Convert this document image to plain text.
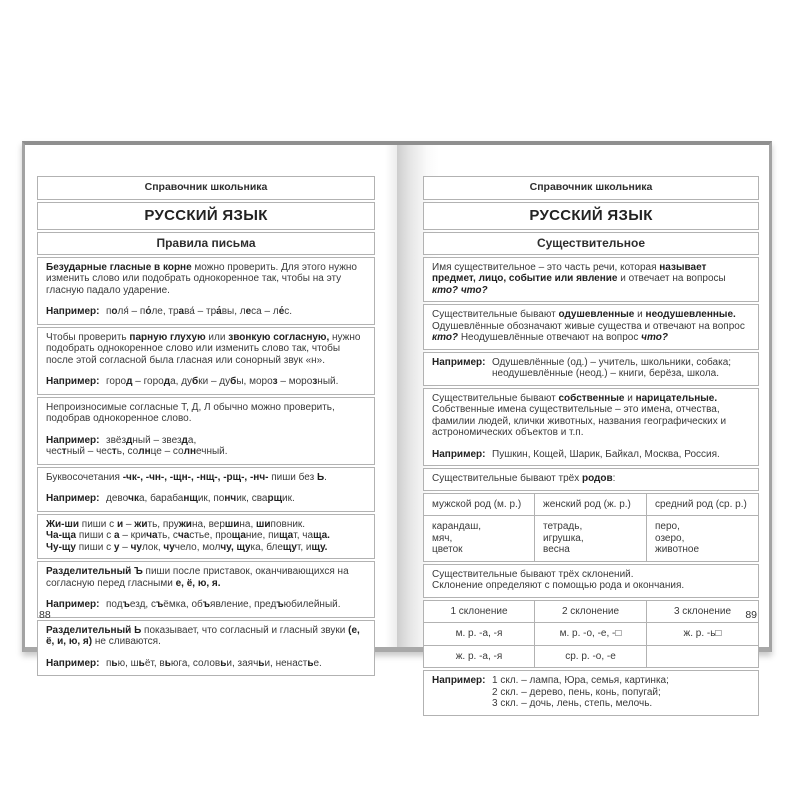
Справочник школьника
РУССКИЙ ЯЗЫК
Правила письма
Безударные гласные в корне можно проверить. Для этого нужно изменить слово или подобрать однокоренное так, чтобы на эту гласную падало ударение.

Например: поля́ – по́ле, трава́ – тра́вы, леса – ле́с.

Чтобы проверить парную глухую или звонкую согласную, нужно подобрать однокоренное слово или изменить слово так, чтобы после этой согласной была гласная или сонорный звук «н».

Например: город – города, дубки – дубы, мороз – морозный.

Непроизносимые согласные Т, Д, Л обычно можно проверить, подобрав однокоренное слово.

Например: звёздный – звезда,
честный – честь, солнце – солнечный.

Буквосочетания -чк-, -чн-, -щн-, -нщ-, -рщ-, -нч- пиши без Ь.

Например: девочка, барабанщик, пончик, сварщик.

Жи-ши пиши с и – жить, пружина, вершина, шиповник.
Ча-ща пиши с а – кричать, счастье, прощание, пищат, чаща.
Чу-щу пиши с у – чулок, чучело, молчу, щука, блещут, ищу.
Разделительный Ъ пиши после приставок, оканчивающихся на согласную перед гласными е, ё, ю, я.

Например: подъезд, съёмка, объявление, предъюбилейный.

Разделительный Ь показывает, что согласный и гласный звуки (е, ё, и, ю, я) не сливаются.

Например: пью, шьёт, вьюга, соловьи, заячьи, ненастье.

88
Справочник школьника
РУССКИЙ ЯЗЫК
Существительное
Имя существительное – это часть речи, которая называет предмет, лицо, событие или явление и отвечает на вопросы кто? что?
Существительные бывают одушевленные и неодушевленные. Одушевлённые обозначают живые существа и отвечают на вопрос кто? Неодушевлённые отвечают на вопрос что?
Например: Одушевлённые (од.) – учитель, школьники, собака;
неодушевлённые (неод.) – книги, берёза, школа.
Существительные бывают собственные и нарицательные. Собственные имена существительные – это имена, отчества, фамилии людей, клички животных, названия географических и астрономических объектов и т.п.
Например: Пушкин, Кощей, Шарик, Байкал, Москва, Россия.
Существительные бывают трёх родов:
мужской род (м. р.)	женский род (ж. р.)	средний род (ср. р.)
карандаш,
мяч,
цветок	тетрадь,
игрушка,
весна	перо,
озеро,
животное
Существительные бывают трёх склонений.
Склонение определяют с помощью рода и окончания.
1 склонение	2 склонение	3 склонение
м. р. -а, -я	м. р. -о, -е, -□	ж. р. -ь□
ж. р. -а, -я	ср. р. -о, -е	
Например: 1 скл. – лампа, Юра, семья, картинка;
2 скл. – дерево, пень, конь, попугай;
3 скл. – дочь, лень, степь, мелочь.
89
